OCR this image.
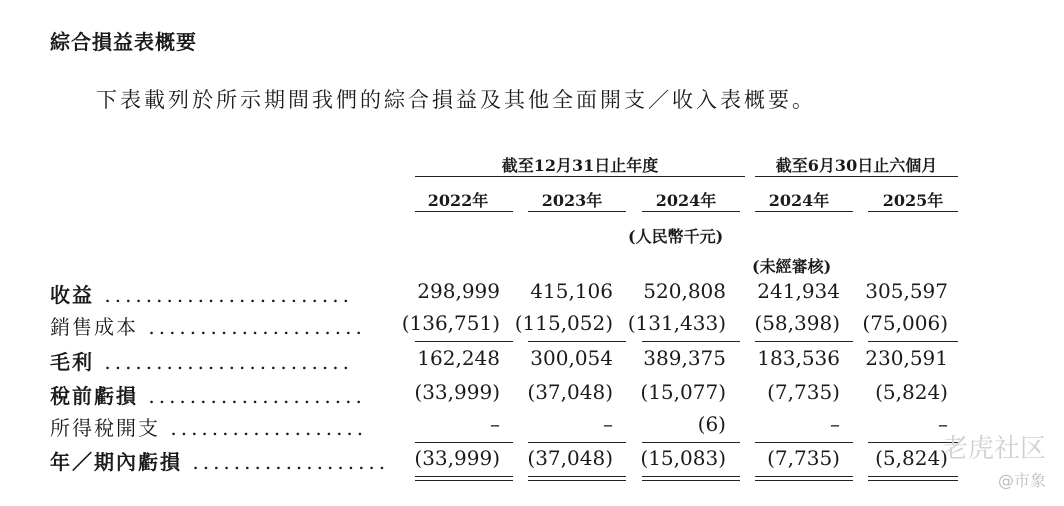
綜合損益表概要
下表載列於所示期間我們的綜合損益及其他全面開支／收入表概要。
截至12月31日止年度	截至6月30日止六個月
2022年	2023年	2024年	2024年	2025年
(人民幣千元)
(未經審核)
收益 ........................	298,999	415,106	520,808	241,934	305,597
銷售成本 .....................	(136,751) (115,052) (131,433)	(58,398)	(75,006)
毛利 ........................	162,248	300,054	389,375	183,536	230,591
稅前虧損 .....................	(33,999)	(37,048)	(15,077)	(7,735)	(5,824)
所得稅開支 ...................	–	–	(6)	–	–
年／期內虧損 ...................	(33,999)	(37,048)	(15,083)	(7,735)	(5,824)
老虎社区
@市象
